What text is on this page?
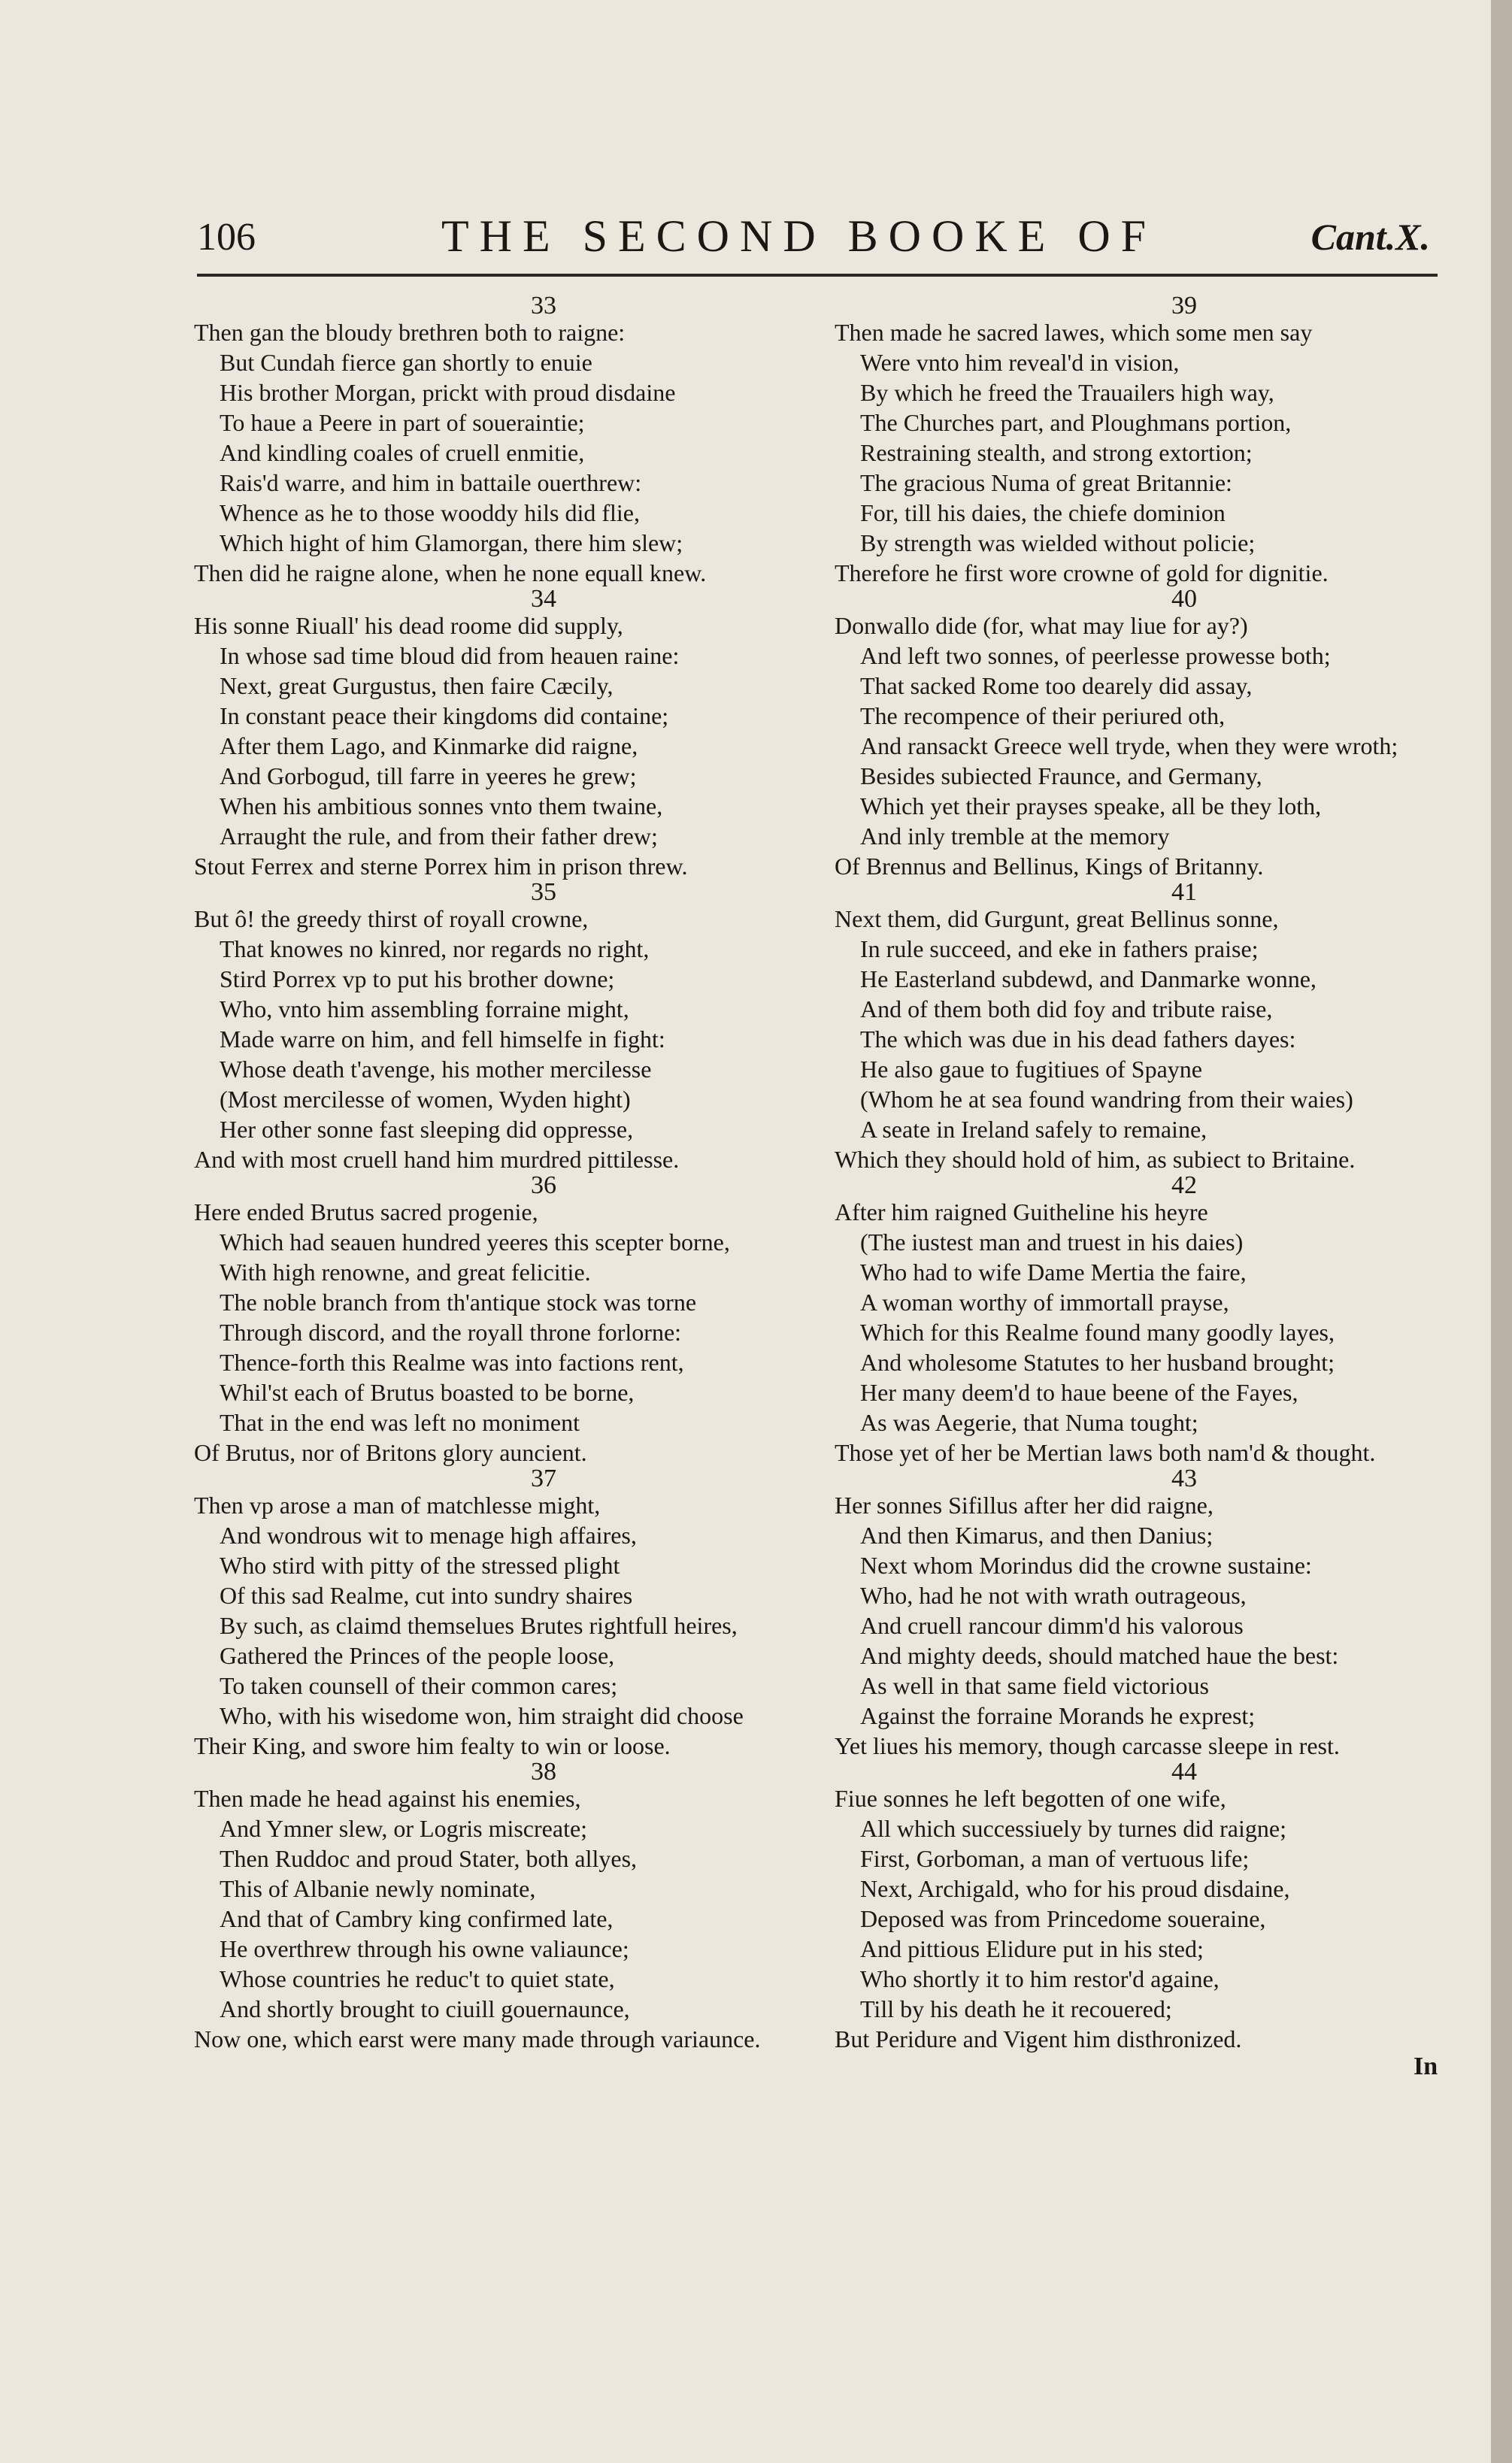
106	THE SECOND BOOKE OF	Cant.X.
33
Then gan the bloudy brethren both to raigne:
But Cundah fierce gan shortly to enuie
His brother Morgan, prickt with proud disdaine
To haue a Peere in part of soueraintie;
And kindling coales of cruell enmitie,
Rais'd warre, and him in battaile ouerthrew:
Whence as he to those wooddy hils did flie,
Which hight of him Glamorgan, there him slew;
Then did he raigne alone, when he none equall knew.
34
His sonne Riuall' his dead roome did supply,
In whose sad time bloud did from heauen raine:
Next, great Gurgustus, then faire Cæcily,
In constant peace their kingdoms did containe;
After them Lago, and Kinmarke did raigne,
And Gorbogud, till farre in yeeres he grew;
When his ambitious sonnes vnto them twaine,
Arraught the rule, and from their father drew;
Stout Ferrex and sterne Porrex him in prison threw.
35
But ô! the greedy thirst of royall crowne,
That knowes no kinred, nor regards no right,
Stird Porrex vp to put his brother downe;
Who, vnto him assembling forraine might,
Made warre on him, and fell himselfe in fight:
Whose death t'avenge, his mother mercilesse
(Most mercilesse of women, Wyden hight)
Her other sonne fast sleeping did oppresse,
And with most cruell hand him murdred pittilesse.
36
Here ended Brutus sacred progenie,
Which had seauen hundred yeeres this scepter borne,
With high renowne, and great felicitie.
The noble branch from th'antique stock was torne
Through discord, and the royall throne forlorne:
Thence-forth this Realme was into factions rent,
Whil'st each of Brutus boasted to be borne,
That in the end was left no moniment
Of Brutus, nor of Britons glory auncient.
37
Then vp arose a man of matchlesse might,
And wondrous wit to menage high affaires,
Who stird with pitty of the stressed plight
Of this sad Realme, cut into sundry shaires
By such, as claimd themselues Brutes rightfull heires,
Gathered the Princes of the people loose,
To taken counsell of their common cares;
Who, with his wisedome won, him straight did choose
Their King, and swore him fealty to win or loose.
38
Then made he head against his enemies,
And Ymner slew, or Logris miscreate;
Then Ruddoc and proud Stater, both allyes,
This of Albanie newly nominate,
And that of Cambry king confirmed late,
He overthrew through his owne valiaunce;
Whose countries he reduc't to quiet state,
And shortly brought to ciuill gouernaunce,
Now one, which earst were many made through variaunce.
39
Then made he sacred lawes, which some men say
Were vnto him reveal'd in vision,
By which he freed the Trauailers high way,
The Churches part, and Ploughmans portion,
Restraining stealth, and strong extortion;
The gracious Numa of great Britannie:
For, till his daies, the chiefe dominion
By strength was wielded without policie;
Therefore he first wore crowne of gold for dignitie.
40
Donwallo dide (for, what may liue for ay?)
And left two sonnes, of peerlesse prowesse both;
That sacked Rome too dearely did assay,
The recompence of their periured oth,
And ransackt Greece well tryde, when they were wroth;
Besides subiected Fraunce, and Germany,
Which yet their prayses speake, all be they loth,
And inly tremble at the memory
Of Brennus and Bellinus, Kings of Britanny.
41
Next them, did Gurgunt, great Bellinus sonne,
In rule succeed, and eke in fathers praise;
He Easterland subdewd, and Danmarke wonne,
And of them both did foy and tribute raise,
The which was due in his dead fathers dayes:
He also gaue to fugitiues of Spayne
(Whom he at sea found wandring from their waies)
A seate in Ireland safely to remaine,
Which they should hold of him, as subiect to Britaine.
42
After him raigned Guitheline his heyre
(The iustest man and truest in his daies)
Who had to wife Dame Mertia the faire,
A woman worthy of immortall prayse,
Which for this Realme found many goodly layes,
And wholesome Statutes to her husband brought;
Her many deem'd to haue beene of the Fayes,
As was Aegerie, that Numa tought;
Those yet of her be Mertian laws both nam'd & thought.
43
Her sonnes Sifillus after her did raigne,
And then Kimarus, and then Danius;
Next whom Morindus did the crowne sustaine:
Who, had he not with wrath outrageous,
And cruell rancour dimm'd his valorous
And mighty deeds, should matched haue the best:
As well in that same field victorious
Against the forraine Morands he exprest;
Yet liues his memory, though carcasse sleepe in rest.
44
Fiue sonnes he left begotten of one wife,
All which successiuely by turnes did raigne;
First, Gorboman, a man of vertuous life;
Next, Archigald, who for his proud disdaine,
Deposed was from Princedome soueraine,
And pittious Elidure put in his sted;
Who shortly it to him restor'd againe,
Till by his death he it recouered;
But Peridure and Vigent him disthronized.
In
